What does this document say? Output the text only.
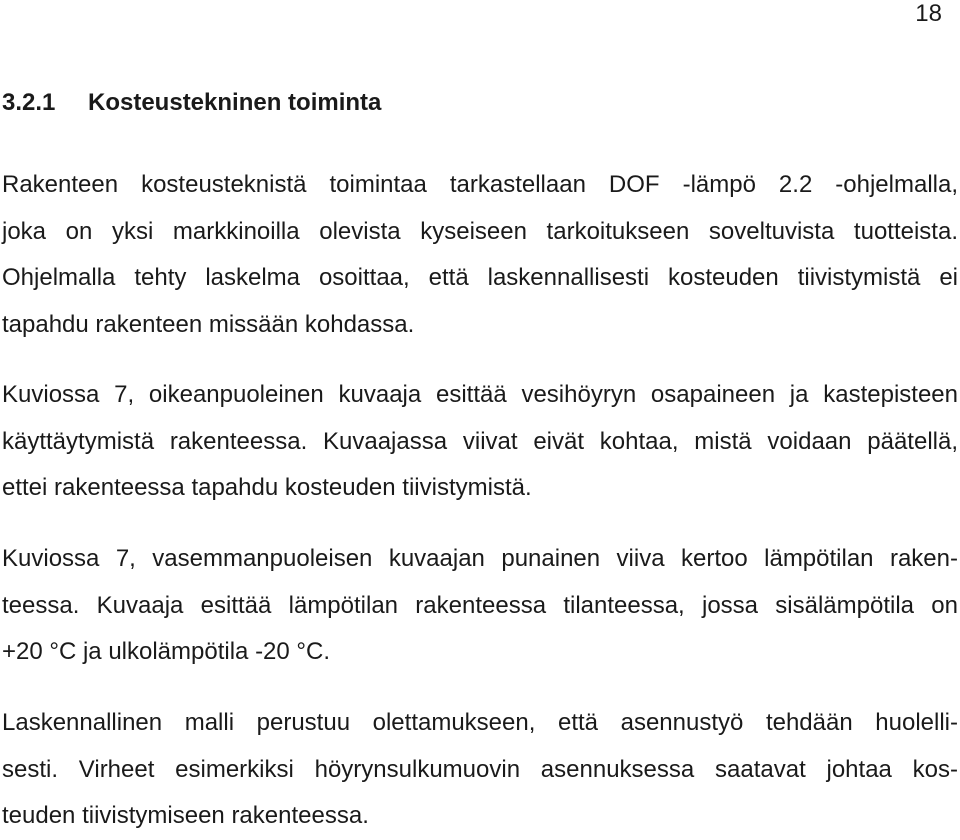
18
3.2.1 Kosteustekninen toiminta
Rakenteen kosteusteknistä toimintaa tarkastellaan DOF -lämpö 2.2 -ohjelmalla,
joka on yksi markkinoilla olevista kyseiseen tarkoitukseen soveltuvista tuotteista.
Ohjelmalla tehty laskelma osoittaa, että laskennallisesti kosteuden tiivistymistä ei
tapahdu rakenteen missään kohdassa.
Kuviossa 7, oikeanpuoleinen kuvaaja esittää vesihöyryn osapaineen ja kastepisteen
käyttäytymistä rakenteessa. Kuvaajassa viivat eivät kohtaa, mistä voidaan päätellä,
ettei rakenteessa tapahdu kosteuden tiivistymistä.
Kuviossa 7, vasemmanpuoleisen kuvaajan punainen viiva kertoo lämpötilan raken-
teessa. Kuvaaja esittää lämpötilan rakenteessa tilanteessa, jossa sisälämpötila on
+20 °C ja ulkolämpötila -20 °C.
Laskennallinen malli perustuu olettamukseen, että asennustyö tehdään huolelli-
sesti. Virheet esimerkiksi höyrynsulkumuovin asennuksessa saatavat johtaa kos-
teuden tiivistymiseen rakenteessa.
